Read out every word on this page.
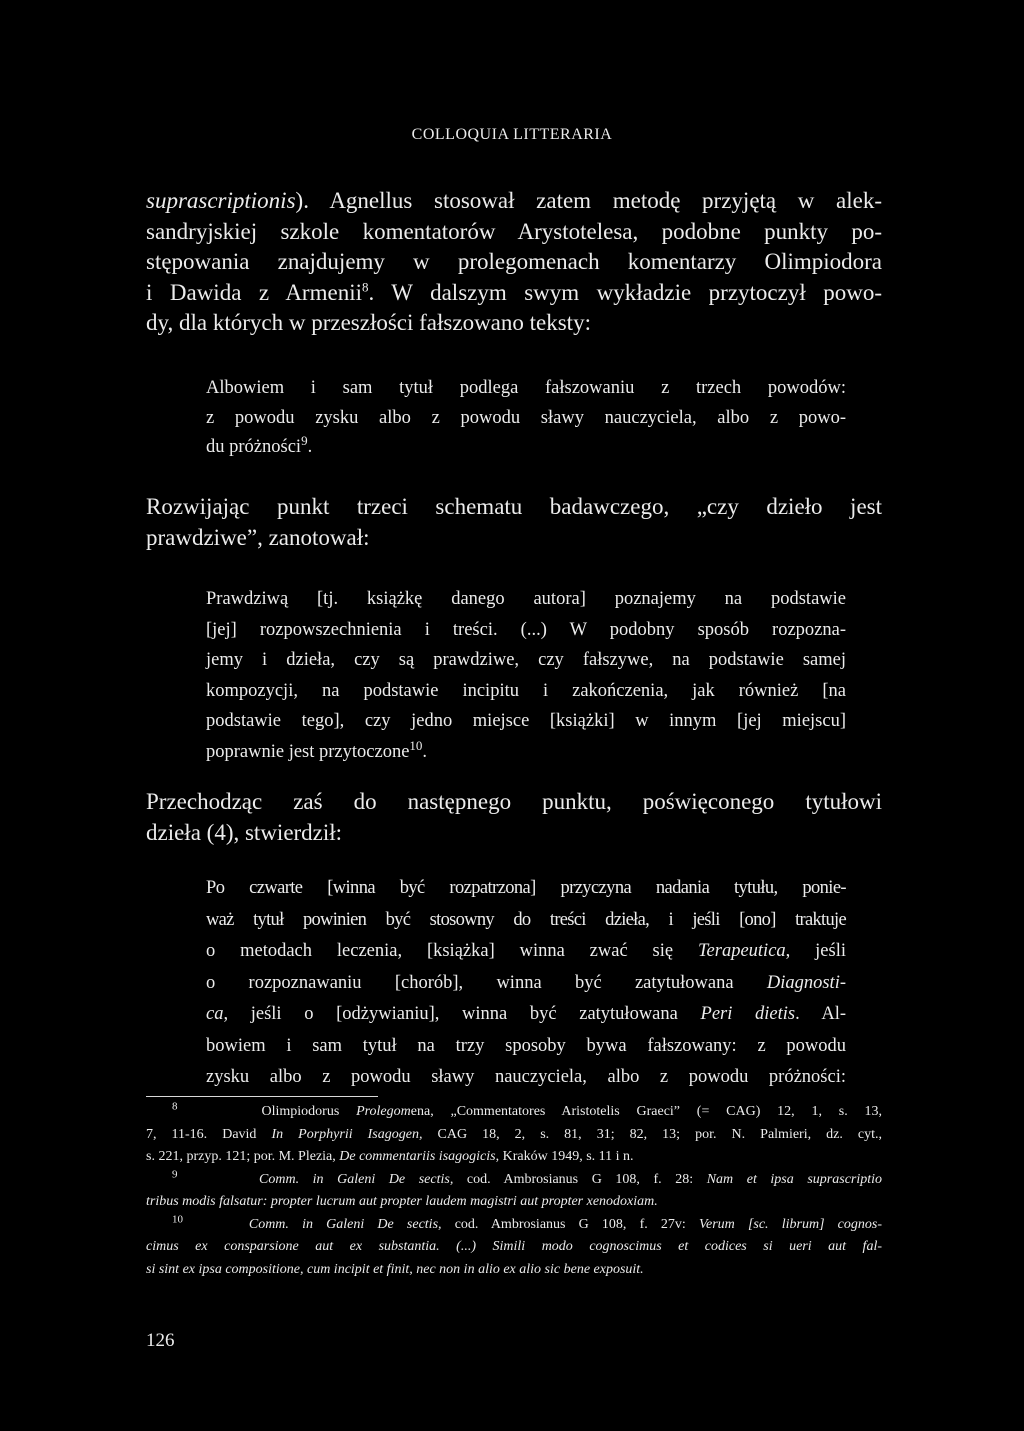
COLLOQUIA LITTERARIA
suprascriptionis). Agnellus stosował zatem metodę przyjętą w alek-
sandryjskiej szkole komentatorów Arystotelesa, podobne punkty po-
stępowania znajdujemy w prolegomenach komentarzy Olimpiodora
i Dawida z Armenii$^8$. W dalszym swym wykładzie przytoczył powo-
dy, dla których w przeszłości fałszowano teksty:
Albowiem i sam tytuł podlega fałszowaniu z trzech powodów:
z powodu zysku albo z powodu sławy nauczyciela, albo z powo-
du próżności$^9$.
Rozwijając punkt trzeci schematu badawczego, „czy dzieło jest
prawdziwe”, zanotował:
Prawdziwą [tj. książkę danego autora] poznajemy na podstawie
[jej] rozpowszechnienia i treści. (...) W podobny sposób rozpozna-
jemy i dzieła, czy są prawdziwe, czy fałszywe, na podstawie samej
kompozycji, na podstawie incipitu i zakończenia, jak również [na
podstawie tego], czy jedno miejsce [książki] w innym [jej miejscu]
poprawnie jest przytoczone$^{10}$.
Przechodząc zaś do następnego punktu, poświęconego tytułowi
dzieła (4), stwierdził:
Po czwarte [winna być rozpatrzona] przyczyna nadania tytułu, ponie-
waż tytuł powinien być stosowny do treści dzieła, i jeśli [ono] traktuje
o metodach leczenia, [książka] winna zwać się Terapeutica, jeśli
o rozpoznawaniu [chorób], winna być zatytułowana Diagnosti-
ca, jeśli o [odżywianiu], winna być zatytułowana Peri dietis. Al-
bowiem i sam tytuł na trzy sposoby bywa fałszowany: z powodu
zysku albo z powodu sławy nauczyciela, albo z powodu próżności:
$^8$	Olimpiodorus Prolegomena, „Commentatores Aristotelis Graeci” (= CAG) 12, 1, s. 13,
7, 11-16. David In Porphyrii Isagogen, CAG 18, 2, s. 81, 31; 82, 13; por. N. Palmieri, dz. cyt.,
s. 221, przyp. 121; por. M. Plezia, De commentariis isagogicis, Kraków 1949, s. 11 i n.
$^9$	Comm. in Galeni De sectis, cod. Ambrosianus G 108, f. 28: Nam et ipsa suprascriptio
tribus modis falsatur: propter lucrum aut propter laudem magistri aut propter xenodoxiam.
$^{10}$	Comm. in Galeni De sectis, cod. Ambrosianus G 108, f. 27v: Verum [sc. librum] cognos-
cimus ex consparsione aut ex substantia. (...) Simili modo cognoscimus et codices si ueri aut fal-
si sint ex ipsa compositione, cum incipit et finit, nec non in alio ex alio sic bene exposuit.
126
